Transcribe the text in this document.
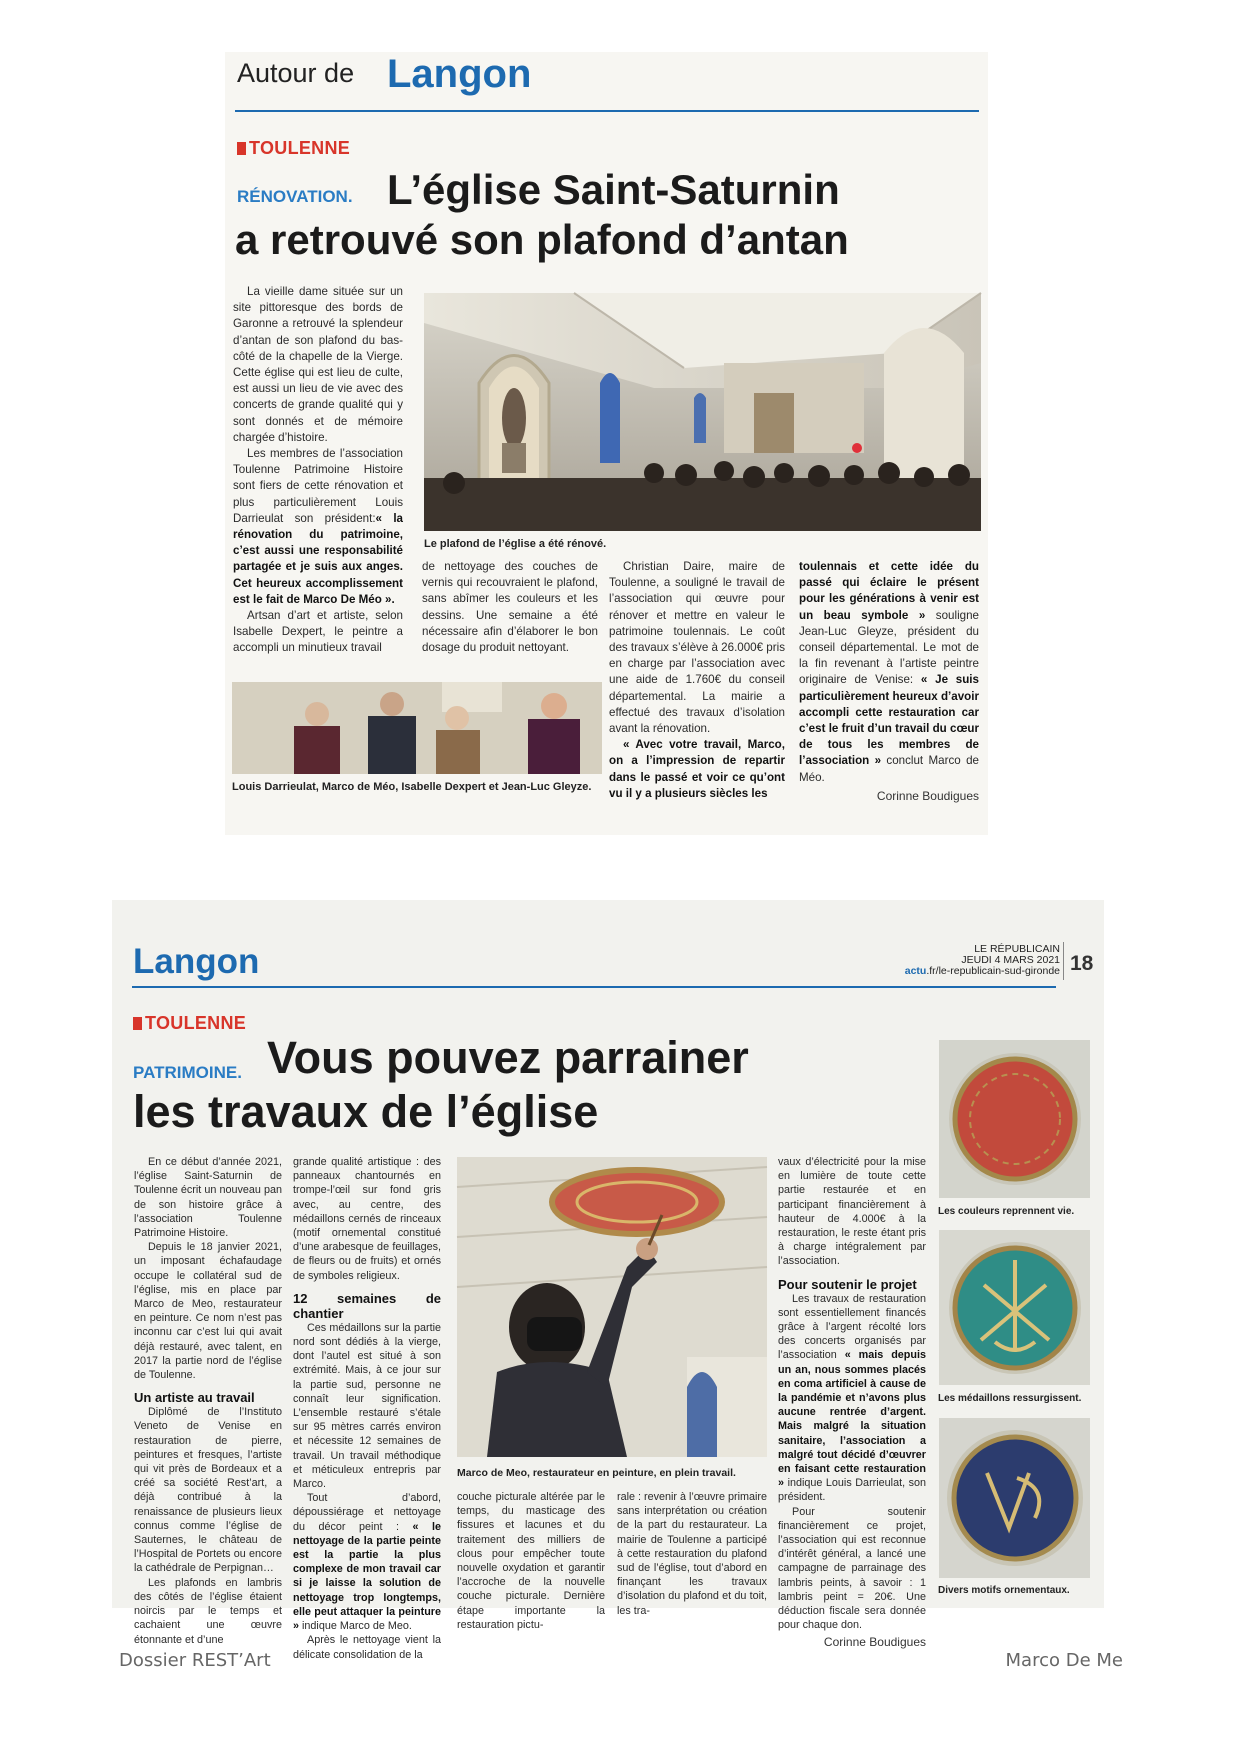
Autour de Langon
TOULENNE
RÉNOVATION. L’église Saint-Saturnin
a retrouvé son plafond d’antan

La vieille dame située sur un site pittoresque des bords de Garonne a retrouvé la splendeur d’antan de son plafond du bas-côté de la chapelle de la Vierge. Cette église qui est lieu de culte, est aussi un lieu de vie avec des concerts de grande qualité qui y sont donnés et de mémoire chargée d’histoire.

Les membres de l’association Toulenne Patrimoine Histoire sont fiers de cette rénovation et plus particulièrement Louis Darrieulat son président:« la rénovation du patrimoine, c’est aussi une responsabilité partagée et je suis aux anges. Cet heureux accomplissement est le fait de Marco De Méo ».

Artsan d’art et artiste, selon Isabelle Dexpert, le peintre a accompli un minutieux travail

Le plafond de l’église a été rénové.

de nettoyage des couches de vernis qui recouvraient le plafond, sans abîmer les couleurs et les dessins. Une semaine a été nécessaire afin d’élaborer le bon dosage du produit nettoyant.

Christian Daire, maire de Toulenne, a souligné le travail de l’association qui œuvre pour rénover et mettre en valeur le patrimoine toulennais. Le coût des travaux s’élève à 26.000€ pris en charge par l’association avec une aide de 1.760€ du conseil départemental. La mairie a effectué des travaux d’isolation avant la rénovation.

« Avec votre travail, Marco, on a l’impression de repartir dans le passé et voir ce qu’ont vu il y a plusieurs siècles les

toulennais et cette idée du passé qui éclaire le présent pour les générations à venir est un beau symbole » souligne Jean-Luc Gleyze, président du conseil départemental. Le mot de la fin revenant à l’artiste peintre originaire de Venise: « Je suis particulièrement heureux d’avoir accompli cette restauration car c’est le fruit d’un travail du cœur de tous les membres de l’association » conclut Marco de Méo.

Corinne Boudigues
Louis Darrieulat, Marco de Méo, Isabelle Dexpert et Jean-Luc Gleyze.
Langon	LE RÉPUBLICAIN
JEUDI 4 MARS 2021
actu.fr/le-republicain-sud-gironde 18
TOULENNE
PATRIMOINE. Vous pouvez parrainer
les travaux de l’église

En ce début d’année 2021, l’église Saint-Saturnin de Toulenne écrit un nouveau pan de son histoire grâce à l’association Toulenne Patrimoine Histoire.

Depuis le 18 janvier 2021, un imposant échafaudage occupe le collatéral sud de l’église, mis en place par Marco de Meo, restaurateur en peinture. Ce nom n’est pas inconnu car c’est lui qui avait déjà restauré, avec talent, en 2017 la partie nord de l’église de Toulenne.

Un artiste au travail

Diplômé de l’Instituto Veneto de Venise en restauration de pierre, peintures et fresques, l’artiste qui vit près de Bordeaux et a créé sa société Rest’art, a déjà contribué à la renaissance de plusieurs lieux connus comme l’église de Sauternes, le château de l’Hospital de Portets ou encore la cathédrale de Perpignan…

Les plafonds en lambris des côtés de l’église étaient noircis par le temps et cachaient une œuvre étonnante et d’une

grande qualité artistique : des panneaux chantournés en trompe-l’œil sur fond gris avec, au centre, des médaillons cernés de rinceaux (motif ornemental constitué d’une arabesque de feuillages, de fleurs ou de fruits) et ornés de symboles religieux.

12 semaines de chantier

Ces médaillons sur la partie nord sont dédiés à la vierge, dont l’autel est situé à son extrémité. Mais, à ce jour sur la partie sud, personne ne connaît leur signification. L’ensemble restauré s’étale sur 95 mètres carrés environ et nécessite 12 semaines de travail. Un travail méthodique et méticuleux entrepris par Marco.

Tout d’abord, dépoussiérage et nettoyage du décor peint : « le nettoyage de la partie peinte est la partie la plus complexe de mon travail car si je laisse la solution de nettoyage trop longtemps, elle peut attaquer la peinture » indique Marco de Meo.

Après le nettoyage vient la délicate consolidation de la

Marco de Meo, restaurateur en peinture, en plein travail.

couche picturale altérée par le temps, du masticage des fissures et lacunes et du traitement des milliers de clous pour empêcher toute nouvelle oxydation et garantir l’accroche de la nouvelle couche picturale. Dernière étape importante la restauration pictu-

rale : revenir à l’œuvre primaire sans interprétation ou création de la part du restaurateur. La mairie de Toulenne a participé à cette restauration du plafond sud de l’église, tout d’abord en finançant les travaux d’isolation du plafond et du toit, les tra-

vaux d’électricité pour la mise en lumière de toute cette partie restaurée et en participant financièrement à hauteur de 4.000€ à la restauration, le reste étant pris à charge intégralement par l’association.

Pour soutenir le projet

Les travaux de restauration sont essentiellement financés grâce à l’argent récolté lors des concerts organisés par l’association « mais depuis un an, nous sommes placés en coma artificiel à cause de la pandémie et n’avons plus aucune rentrée d’argent. Mais malgré la situation sanitaire, l’association a malgré tout décidé d’œuvrer en faisant cette restauration » indique Louis Darrieulat, son président.

Pour soutenir financièrement ce projet, l’association qui est reconnue d’intérêt général, a lancé une campagne de parrainage des lambris peints, à savoir : 1 lambris peint = 20€. Une déduction fiscale sera donnée pour chaque don.

Corinne Boudigues
Les couleurs reprennent vie.
Les médaillons ressurgissent.
Divers motifs ornementaux.
Dossier REST’Art	Marco De Me
